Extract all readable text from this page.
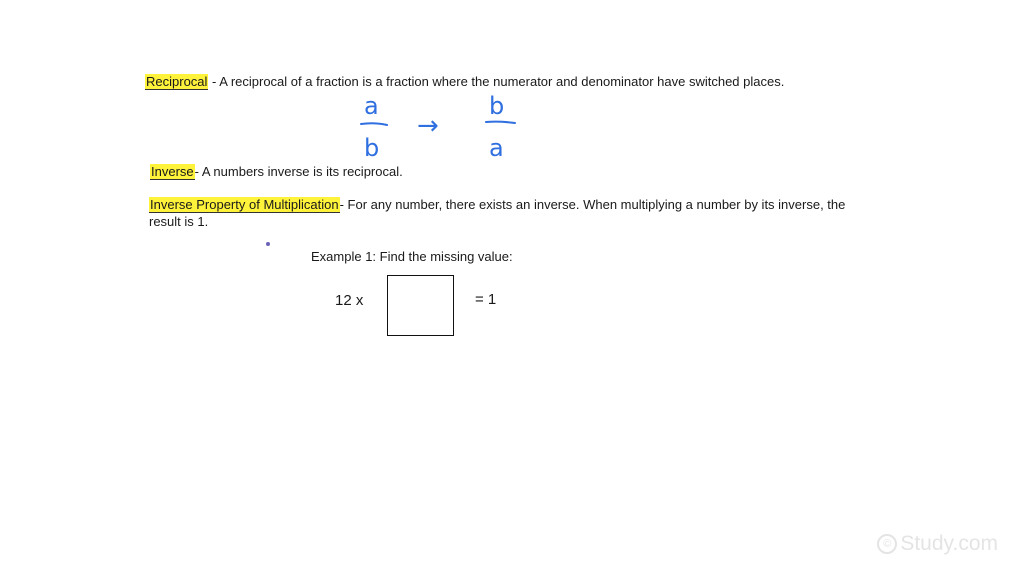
Reciprocal - A reciprocal of a fraction is a fraction where the numerator and denominator have switched places.
a
b
b
a
→
Inverse- A numbers inverse is its reciprocal.
Inverse Property of Multiplication- For any number, there exists an inverse. When multiplying a number by its inverse, the result is 1.
Example 1: Find the missing value:
12 x	= 1
© Study.com
